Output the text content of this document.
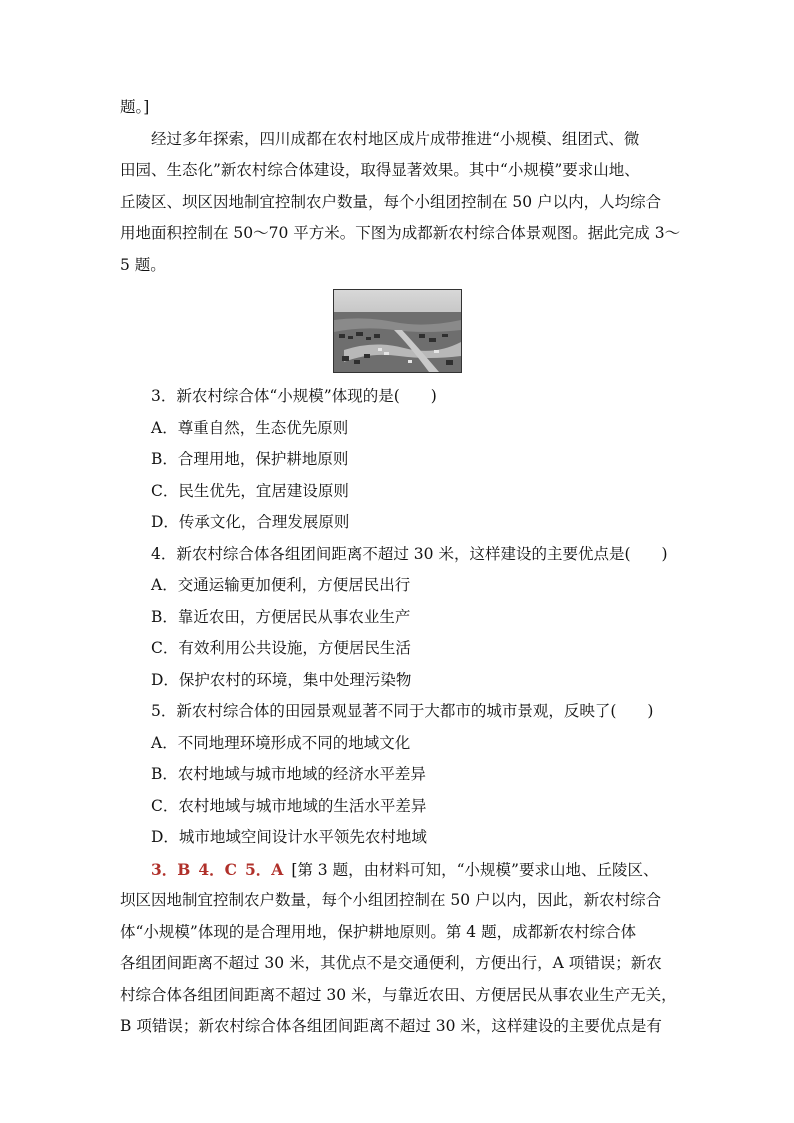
题。]
经过多年探索，四川成都在农村地区成片成带推进“小规模、组团式、微
田园、生态化”新农村综合体建设，取得显著效果。其中“小规模”要求山地、
丘陵区、坝区因地制宜控制农户数量，每个小组团控制在 50 户以内，人均综合
用地面积控制在 50～70 平方米。下图为成都新农村综合体景观图。据此完成 3～
5 题。
3．新农村综合体“小规模”体现的是(　　)
A．尊重自然，生态优先原则
B．合理用地，保护耕地原则
C．民生优先，宜居建设原则
D．传承文化，合理发展原则
4．新农村综合体各组团间距离不超过 30 米，这样建设的主要优点是(　　)
A．交通运输更加便利，方便居民出行
B．靠近农田，方便居民从事农业生产
C．有效利用公共设施，方便居民生活
D．保护农村的环境，集中处理污染物
5．新农村综合体的田园景观显著不同于大都市的城市景观，反映了(　　)
A．不同地理环境形成不同的地域文化
B．农村地域与城市地域的经济水平差异
C．农村地域与城市地域的生活水平差异
D．城市地域空间设计水平领先农村地域
3．B 4．C 5．A [第 3 题，由材料可知，“小规模”要求山地、丘陵区、
坝区因地制宜控制农户数量，每个小组团控制在 50 户以内，因此，新农村综合
体“小规模”体现的是合理用地，保护耕地原则。第 4 题，成都新农村综合体
各组团间距离不超过 30 米，其优点不是交通便利，方便出行，A 项错误；新农
村综合体各组团间距离不超过 30 米，与靠近农田、方便居民从事农业生产无关，
B 项错误；新农村综合体各组团间距离不超过 30 米，这样建设的主要优点是有
